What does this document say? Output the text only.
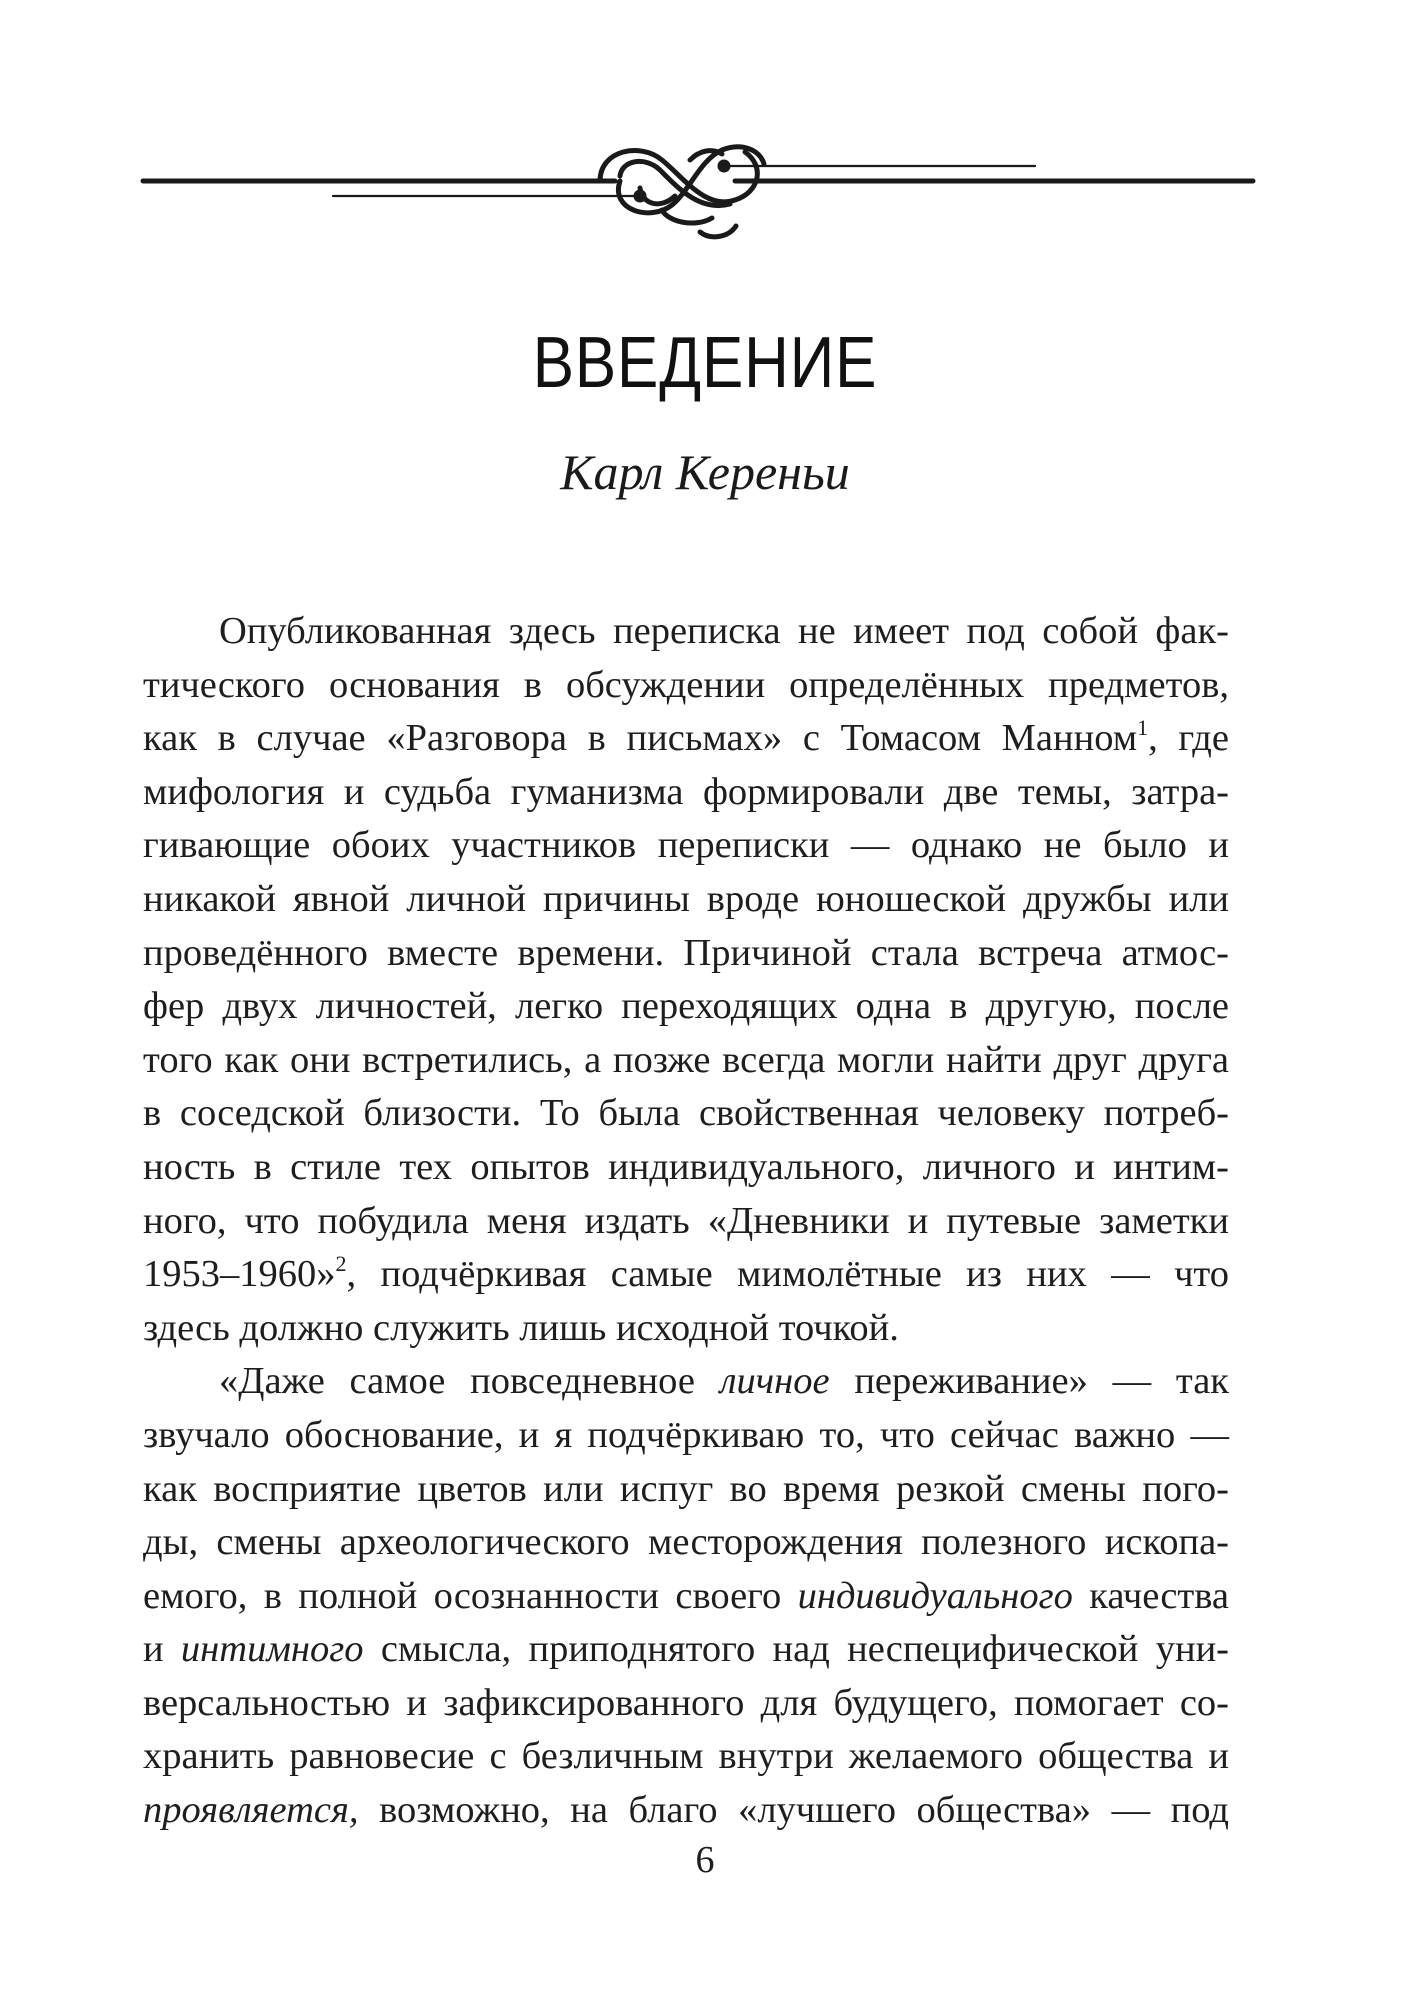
ВВЕДЕНИЕ

Карл Кереньи

Опубликованная здесь переписка не имеет под собой фак-
тического основания в обсуждении определённых предметов,
как в случае «Разговора в письмах» с Томасом Манном$^1$, где
мифология и судьба гуманизма формировали две темы, затра-
гивающие обоих участников переписки — однако не было и
никакой явной личной причины вроде юношеской дружбы или
проведённого вместе времени. Причиной стала встреча атмос-
фер двух личностей, легко переходящих одна в другую, после
того как они встретились, а позже всегда могли найти друг друга
в соседской близости. То была свойственная человеку потреб-
ность в стиле тех опытов индивидуального, личного и интим-
ного, что побудила меня издать «Дневники и путевые заметки
1953–1960»$^2$, подчёркивая самые мимолётные из них — что
здесь должно служить лишь исходной точкой.
«Даже самое повседневное личное переживание» — так
звучало обоснование, и я подчёркиваю то, что сейчас важно —
как восприятие цветов или испуг во время резкой смены пого-
ды, смены археологического месторождения полезного ископа-
емого, в полной осознанности своего индивидуального качества
и интимного смысла, приподнятого над неспецифической уни-
версальностью и зафиксированного для будущего, помогает со-
хранить равновесие с безличным внутри желаемого общества и
проявляется, возможно, на благо «лучшего общества» — под

6
